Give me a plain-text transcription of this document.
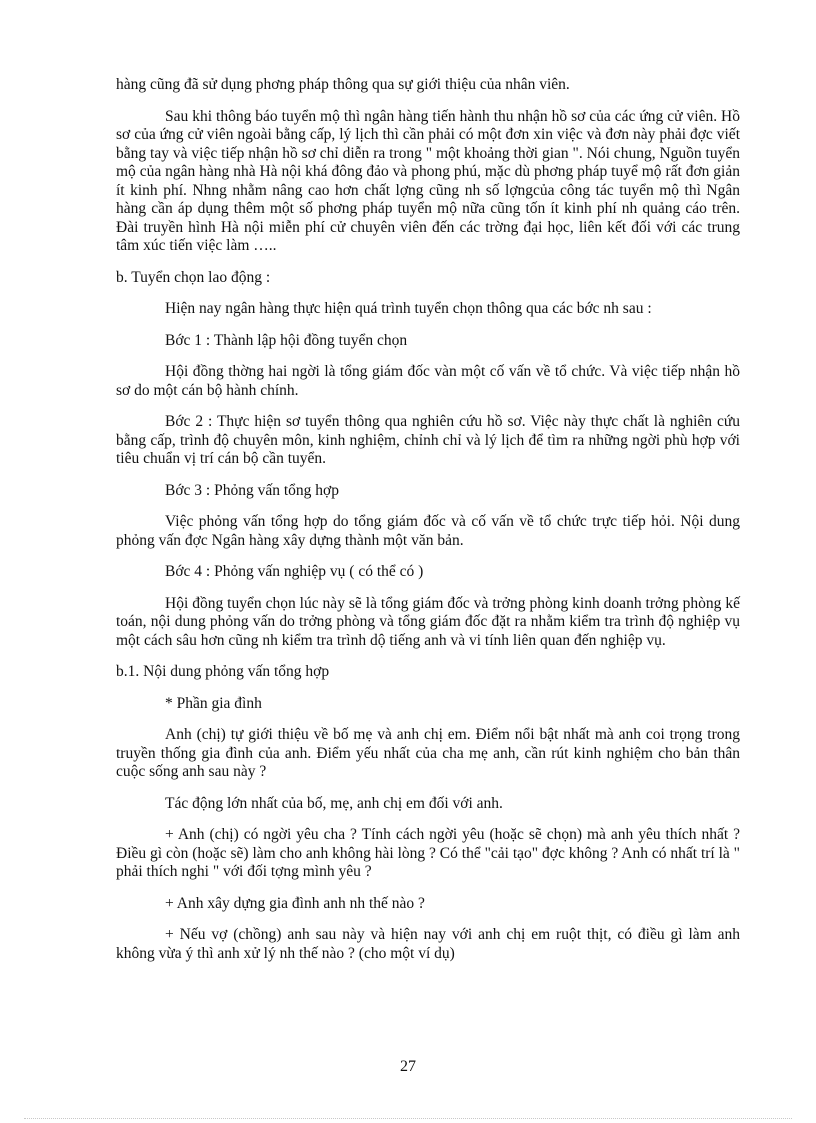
hàng cũng đã sử dụng phơng pháp thông qua sự giới thiệu của nhân viên.

Sau khi thông báo tuyển mộ thì ngân hàng tiến hành thu nhận hồ sơ của các ứng cử viên. Hồ sơ của ứng cử viên ngoài bằng cấp, lý lịch thì cần phải có một đơn xin việc và đơn này phải đợc viết bằng tay và việc tiếp nhận hồ sơ chỉ diễn ra trong " một khoảng thời gian ". Nói chung, Nguồn tuyển mộ của ngân hàng nhà Hà nội khá đông đảo và phong phú, mặc dù phơng pháp tuyể mộ rất đơn giản ít kinh phí. Nhng nhằm nâng cao hơn chất lợng cũng nh số lợngcủa công tác tuyển mộ thì Ngân hàng cần áp dụng thêm một số phơng pháp tuyển mộ nữa cũng tốn ít kinh phí nh quảng cáo trên. Đài truyền hình Hà nội miễn phí cử chuyên viên đến các trờng đại học, liên kết đối với các trung tâm xúc tiến việc làm …..

b. Tuyển chọn lao động :

Hiện nay ngân hàng thực hiện quá trình tuyển chọn thông qua các bớc nh sau :

Bớc 1 : Thành lập hội đồng tuyển chọn

Hội đồng thờng hai ngời là tổng giám đốc vàn một cố vấn về tổ chức. Và việc tiếp nhận hồ sơ do một cán bộ hành chính.

Bớc 2 : Thực hiện sơ tuyển thông qua nghiên cứu hồ sơ. Việc này thực chất là nghiên cứu bằng cấp, trình độ chuyên môn, kinh nghiệm, chỉnh chỉ và lý lịch để tìm ra những ngời phù hợp với tiêu chuẩn vị trí cán bộ cần tuyển.

Bớc 3 : Phỏng vấn tổng hợp

Việc phỏng vấn tổng hợp do tổng giám đốc và cố vấn về tổ chức trực tiếp hỏi. Nội dung phỏng vấn đợc Ngân hàng xây dựng thành một văn bản.

Bớc 4 : Phỏng vấn nghiệp vụ ( có thể có )

Hội đồng tuyển chọn lúc này sẽ là tổng giám đốc và trởng phòng kinh doanh trởng phòng kế toán, nội dung phỏng vấn do trởng phòng và tổng giám đốc đặt ra nhằm kiểm tra trình độ nghiệp vụ một cách sâu hơn cũng nh kiểm tra trình dộ tiếng anh và vi tính liên quan đến nghiệp vụ.

b.1. Nội dung phỏng vấn tổng hợp

* Phần gia đình

Anh (chị) tự giới thiệu về bố mẹ và anh chị em. Điểm nổi bật nhất mà anh coi trọng trong truyền thống gia đình của anh. Điểm yếu nhất của cha mẹ anh, cần rút kinh nghiệm cho bản thân cuộc sống anh sau này ?

Tác động lớn nhất của bố, mẹ, anh chị em đối với anh.

+ Anh (chị) có ngời yêu cha ? Tính cách ngời yêu (hoặc sẽ chọn) mà anh yêu thích nhất ? Điều gì còn (hoặc sẽ) làm cho anh không hài lòng ? Có thể "cải tạo" đợc không ? Anh có nhất trí là " phải thích nghi " với đối tợng mình yêu ?

+ Anh xây dựng gia đình anh nh thế nào ?

+ Nếu vợ (chồng) anh sau này và hiện nay với anh chị em ruột thịt, có điều gì làm anh không vừa ý thì anh xử lý nh thế nào ? (cho một ví dụ)

27
